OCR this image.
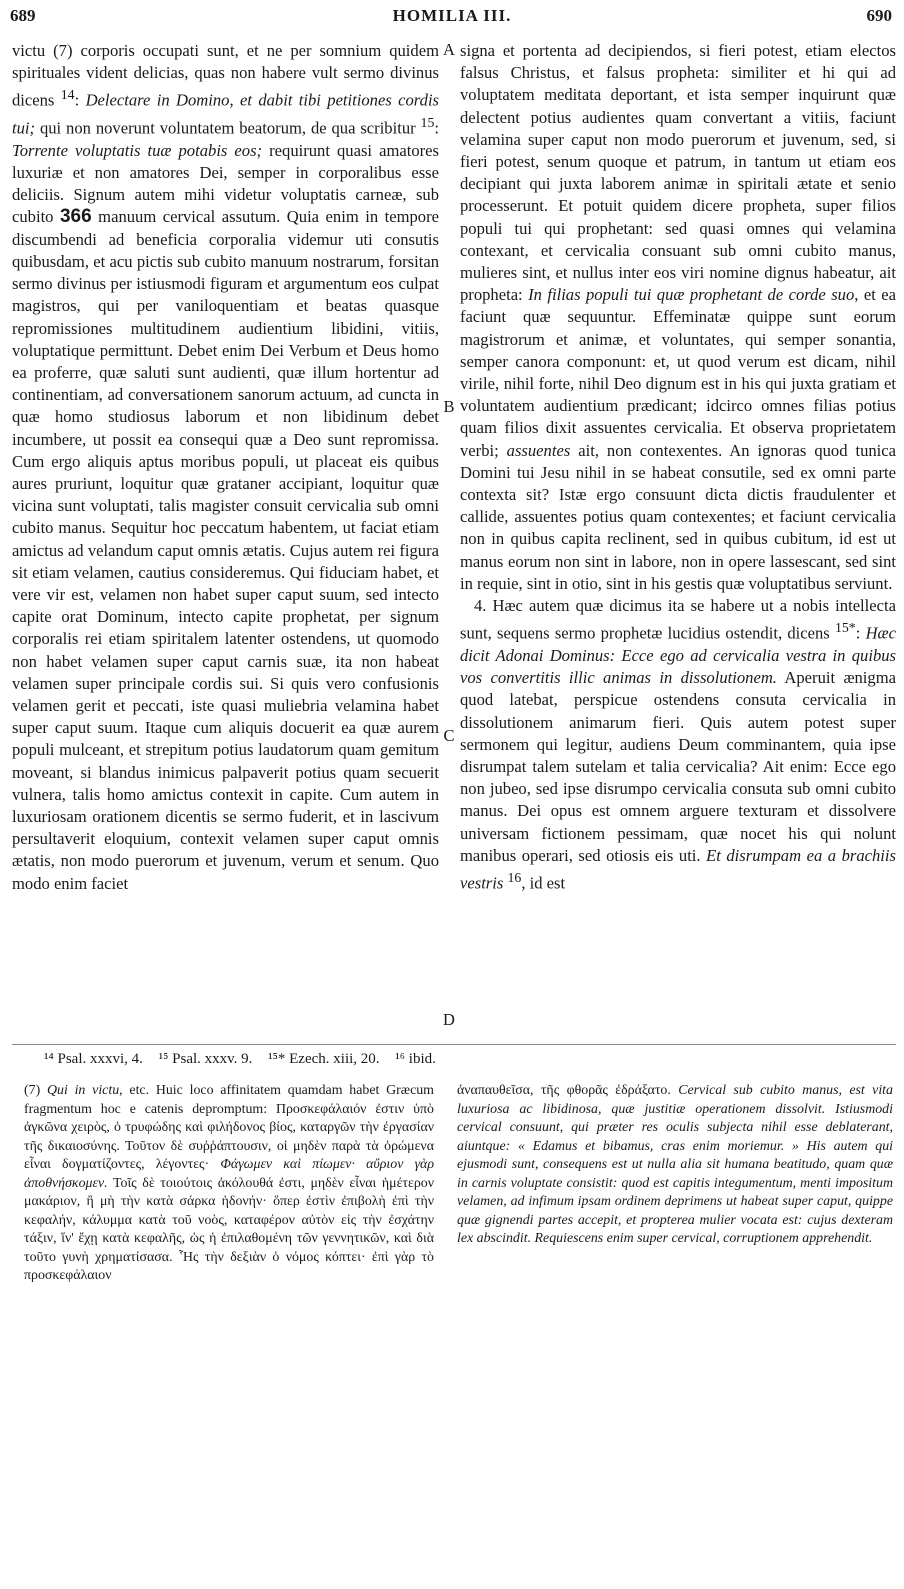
689	HOMILIA III.	690

victu (7) corporis occupati sunt, et ne per somnium quidem spirituales vident delicias, quas non habere vult sermo divinus dicens $^{14}$: Delectare in Domino, et dabit tibi petitiones cordis tui; qui non noverunt voluntatem beatorum, de qua scribitur $^{15}$: Torrente voluptatis tuæ potabis eos; requirunt quasi amatores luxuriæ et non amatores Dei, semper in corporalibus esse deliciis. Signum autem mihi videtur voluptatis carneæ, sub cubito 366 manuum cervical assutum. Quia enim in tempore discumbendi ad beneficia corporalia videmur uti consutis quibusdam, et acu pictis sub cubito manuum nostrarum, forsitan sermo divinus per istiusmodi figuram et argumentum eos culpat magistros, qui per vaniloquentiam et beatas quasque repromissiones multitudinem audientium libidini, vitiis, voluptatique permittunt. Debet enim Dei Verbum et Deus homo ea proferre, quæ saluti sunt audienti, quæ illum hortentur ad continentiam, ad conversationem sanorum actuum, ad cuncta in quæ homo studiosus laborum et non libidinum debet incumbere, ut possit ea consequi quæ a Deo sunt repromissa. Cum ergo aliquis aptus moribus populi, ut placeat eis quibus aures pruriunt, loquitur quæ grataner accipiant, loquitur quæ vicina sunt voluptati, talis magister consuit cervicalia sub omni cubito manus. Sequitur hoc peccatum habentem, ut faciat etiam amictus ad velandum caput omnis ætatis. Cujus autem rei figura sit etiam velamen, cautius consideremus. Qui fiduciam habet, et vere vir est, velamen non habet super caput suum, sed intecto capite orat Dominum, intecto capite prophetat, per signum corporalis rei etiam spiritalem latenter ostendens, ut quomodo non habet velamen super caput carnis suæ, ita non habeat velamen super principale cordis sui. Si quis vero confusionis velamen gerit et peccati, iste quasi muliebria velamina habet super caput suum. Itaque cum aliquis docuerit ea quæ aurem populi mulceant, et strepitum potius laudatorum quam gemitum moveant, si blandus inimicus palpaverit potius quam secuerit vulnera, talis homo amictus contexit in capite. Cum autem in luxuriosam orationem dicentis se sermo fuderit, et in lascivum persultaverit eloquium, contexit velamen super caput omnis ætatis, non modo puerorum et juvenum, verum et senum. Quo modo enim faciet

A
B
C
D

signa et portenta ad decipiendos, si fieri potest, etiam electos falsus Christus, et falsus propheta: similiter et hi qui ad voluptatem meditata deportant, et ista semper inquirunt quæ delectent potius audientes quam convertant a vitiis, faciunt velamina super caput non modo puerorum et juvenum, sed, si fieri potest, senum quoque et patrum, in tantum ut etiam eos decipiant qui juxta laborem animæ in spiritali ætate et senio processerunt. Et potuit quidem dicere propheta, super filios populi tui qui prophetant: sed quasi omnes qui velamina contexant, et cervicalia consuant sub omni cubito manus, mulieres sint, et nullus inter eos viri nomine dignus habeatur, ait propheta: In filias populi tui quæ prophetant de corde suo, et ea faciunt quæ sequuntur. Effeminatæ quippe sunt eorum magistrorum et animæ, et voluntates, qui semper sonantia, semper canora componunt: et, ut quod verum est dicam, nihil virile, nihil forte, nihil Deo dignum est in his qui juxta gratiam et voluntatem audientium prædicant; idcirco omnes filias potius quam filios dixit assuentes cervicalia. Et observa proprietatem verbi; assuentes ait, non contexentes. An ignoras quod tunica Domini tui Jesu nihil in se habeat consutile, sed ex omni parte contexta sit? Istæ ergo consuunt dicta dictis fraudulenter et callide, assuentes potius quam contexentes; et faciunt cervicalia non in quibus capita reclinent, sed in quibus cubitum, id est ut manus eorum non sint in labore, non in opere lassescant, sed sint in requie, sint in otio, sint in his gestis quæ voluptatibus serviunt.

4. Hæc autem quæ dicimus ita se habere ut a nobis intellecta sunt, sequens sermo prophetæ lucidius ostendit, dicens $^{15*}$: Hæc dicit Adonai Dominus: Ecce ego ad cervicalia vestra in quibus vos convertitis illic animas in dissolutionem. Aperuit ænigma quod latebat, perspicue ostendens consuta cervicalia in dissolutionem animarum fieri. Quis autem potest super sermonem qui legitur, audiens Deum comminantem, quia ipse disrumpat talem sutelam et talia cervicalia? Ait enim: Ecce ego non jubeo, sed ipse disrumpo cervicalia consuta sub omni cubito manus. Dei opus est omnem arguere texturam et dissolvere universam fictionem pessimam, quæ nocet his qui nolunt manibus operari, sed otiosis eis uti. Et disrumpam ea a brachiis vestris $^{16}$, id est

¹⁴ Psal. xxxvi, 4. ¹⁵ Psal. xxxv. 9. ¹⁵* Ezech. xiii, 20. ¹⁶ ibid.

(7) Qui in victu, etc. Huic loco affinitatem quamdam habet Græcum fragmentum hoc e catenis depromptum: Προσκεφάλαιόν ἐστιν ὑπὸ ἀγκῶνα χειρὸς, ὁ τρυφώδης καὶ φιλήδονος βίος, καταργῶν τὴν ἐργασίαν τῆς δικαιοσύνης. Τοῦτον δὲ συῤῥάπτουσιν, οἱ μηδὲν παρὰ τὰ ὁρώμενα εἶναι δογματίζοντες, λέγοντες· Φάγωμεν καὶ πίωμεν· αὔριον γὰρ ἀποθνήσκομεν. Τοῖς δὲ τοιούτοις ἀκόλουθά ἐστι, μηδὲν εἶναι ἡμέτερον μακάριον, ἢ μὴ τὴν κατὰ σάρκα ἡδονήν· ὅπερ ἐστὶν ἐπιβολὴ ἐπὶ τὴν κεφαλήν, κάλυμμα κατὰ τοῦ νοὸς, καταφέρον αὐτὸν εἰς τὴν ἐσχάτην τάξιν, ἵν' ἔχῃ κατὰ κεφαλῆς, ὡς ἡ ἐπιλαθομένη τῶν γεννητικῶν, καὶ διὰ τοῦτο γυνὴ χρηματίσασα. Ἧς τὴν δεξιὰν ὁ νόμος κόπτει· ἐπὶ γὰρ τὸ προσκεφάλαιον

ἀναπαυθεῖσα, τῆς φθορᾶς ἐδράξατο. Cervical sub cubito manus, est vita luxuriosa ac libidinosa, quæ justitiæ operationem dissolvit. Istiusmodi cervical consuunt, qui præter res oculis subjecta nihil esse deblaterant, aiuntque: « Edamus et bibamus, cras enim moriemur. » His autem qui ejusmodi sunt, consequens est ut nulla alia sit humana beatitudo, quam quæ in carnis voluptate consistit: quod est capitis integumentum, menti impositum velamen, ad infimum ipsam ordinem deprimens ut habeat super caput, quippe quæ gignendi partes accepit, et propterea mulier vocata est: cujus dexteram lex abscindit. Requiescens enim super cervical, corruptionem apprehendit.
